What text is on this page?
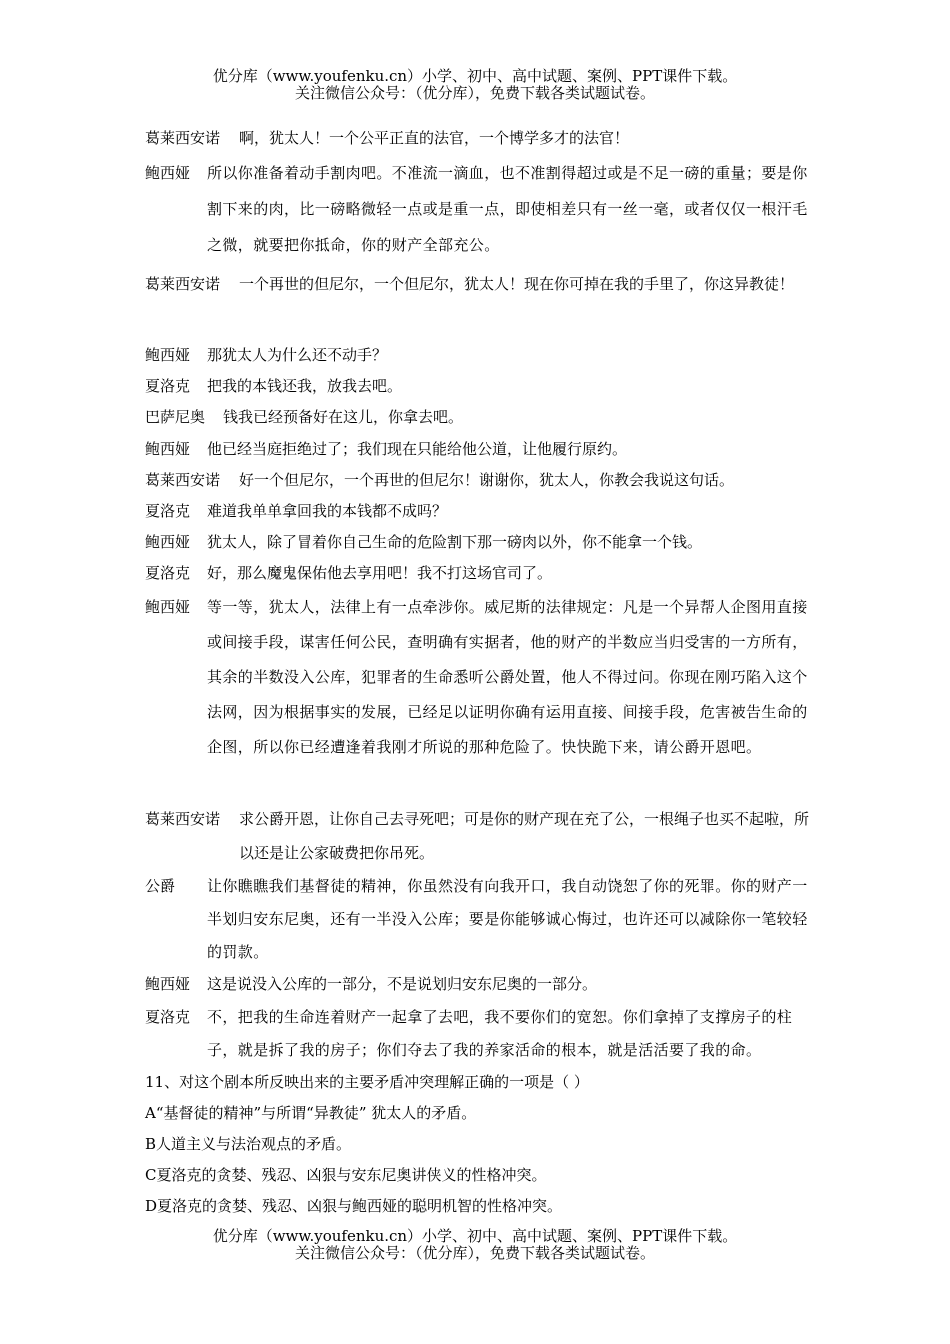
优分库（www.youfenku.cn）小学、初中、高中试题、案例、PPT课件下载。
关注微信公众号：（优分库），免费下载各类试题试卷。
葛莱西安诺	啊，犹太人！一个公平正直的法官，一个博学多才的法官！
鲍西娅	所以你准备着动手割肉吧。不准流一滴血，也不准割得超过或是不足一磅的重量；要是你割下来的肉，比一磅略微轻一点或是重一点，即使相差只有一丝一毫，或者仅仅一根汗毛之微，就要把你抵命，你的财产全部充公。
葛莱西安诺	一个再世的但尼尔，一个但尼尔，犹太人！现在你可掉在我的手里了，你这异教徒！
鲍西娅	那犹太人为什么还不动手？
夏洛克	把我的本钱还我，放我去吧。
巴萨尼奥	钱我已经预备好在这儿，你拿去吧。
鲍西娅	他已经当庭拒绝过了；我们现在只能给他公道，让他履行原约。
葛莱西安诺	好一个但尼尔，一个再世的但尼尔！谢谢你，犹太人，你教会我说这句话。
夏洛克	难道我单单拿回我的本钱都不成吗？
鲍西娅	犹太人，除了冒着你自己生命的危险割下那一磅肉以外，你不能拿一个钱。
夏洛克	好，那么魔鬼保佑他去享用吧！我不打这场官司了。
鲍西娅	等一等，犹太人，法律上有一点牵涉你。威尼斯的法律规定：凡是一个异帮人企图用直接或间接手段，谋害任何公民，查明确有实据者，他的财产的半数应当归受害的一方所有，其余的半数没入公库，犯罪者的生命悉听公爵处置，他人不得过问。你现在刚巧陷入这个法网，因为根据事实的发展，已经足以证明你确有运用直接、间接手段，危害被告生命的企图，所以你已经遭逢着我刚才所说的那种危险了。快快跪下来，请公爵开恩吧。
葛莱西安诺	求公爵开恩，让你自己去寻死吧；可是你的财产现在充了公，一根绳子也买不起啦，所以还是让公家破费把你吊死。
公爵	让你瞧瞧我们基督徒的精神，你虽然没有向我开口，我自动饶恕了你的死罪。你的财产一半划归安东尼奥，还有一半没入公库；要是你能够诚心悔过，也许还可以减除你一笔较轻的罚款。
鲍西娅	这是说没入公库的一部分，不是说划归安东尼奥的一部分。
夏洛克	不，把我的生命连着财产一起拿了去吧，我不要你们的宽恕。你们拿掉了支撑房子的柱子，就是拆了我的房子；你们夺去了我的养家活命的根本，就是活活要了我的命。
11、对这个剧本所反映出来的主要矛盾冲突理解正确的一项是（ ）
A“基督徒的精神”与所谓“异教徒” 犹太人的矛盾。
B人道主义与法治观点的矛盾。
C夏洛克的贪婪、残忍、凶狠与安东尼奥讲侠义的性格冲突。
D夏洛克的贪婪、残忍、凶狠与鲍西娅的聪明机智的性格冲突。
优分库（www.youfenku.cn）小学、初中、高中试题、案例、PPT课件下载。
关注微信公众号：（优分库），免费下载各类试题试卷。
